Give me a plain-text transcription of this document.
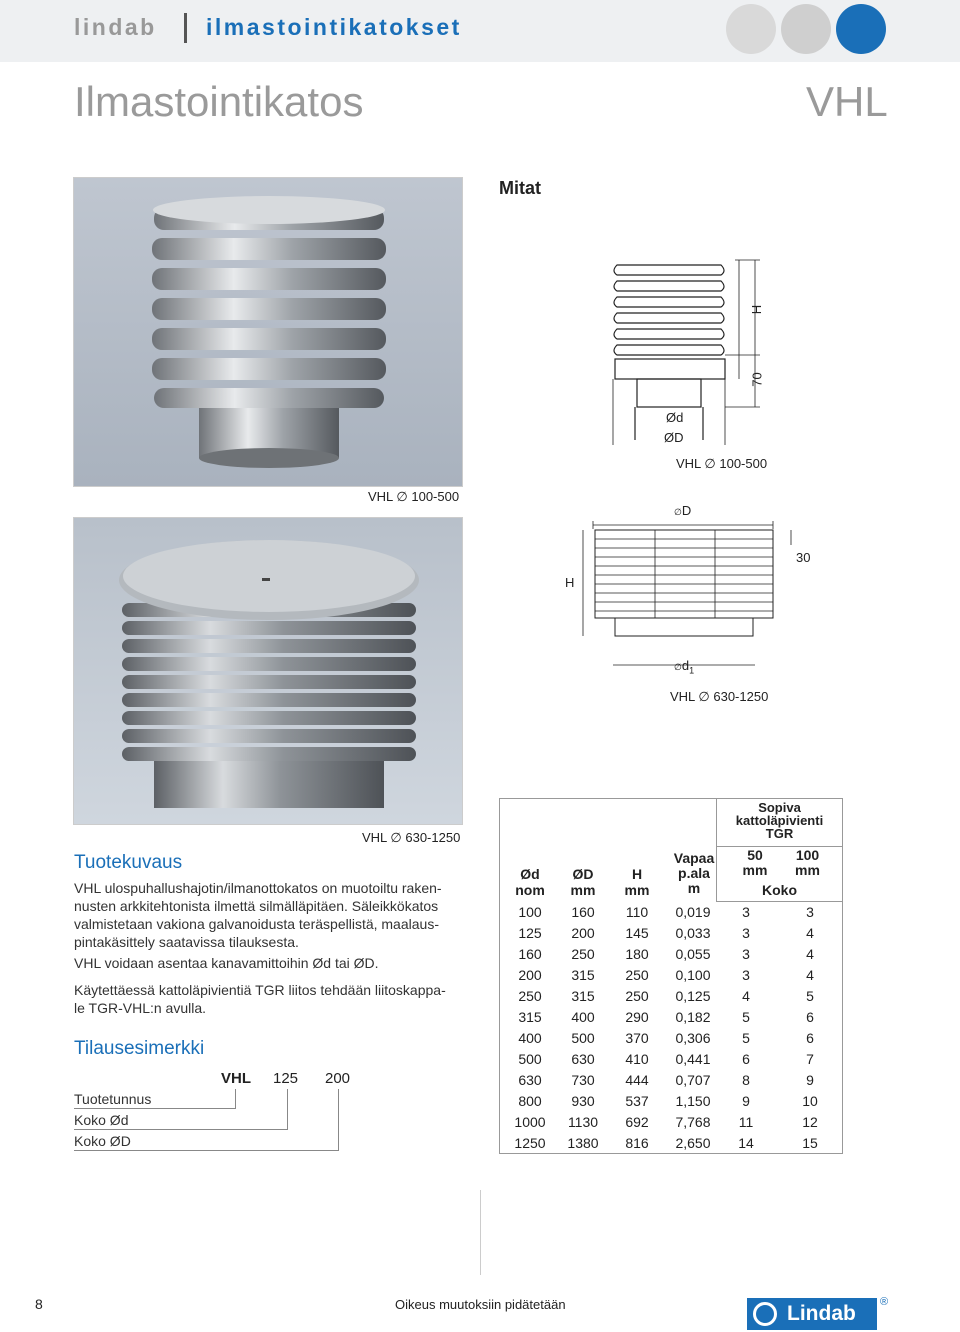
lindab ilmastointikatokset
Ilmastointikatos	VHL
VHL ∅ 100-500
VHL ∅ 630-1250
Mitat
H
70
Ød
ØD
VHL ∅ 100-500
∅D
H
30
$\emptyset d_1$
VHL ∅ 630-1250
Tuotekuvaus
VHL ulospuhallushajotin/ilmanottokatos on muotoiltu raken-
nusten arkkitehtonista ilmettä silmälläpitäen. Säleikkökatos
valmistetaan vakiona galvanoidusta teräspellistä, maalaus-
pintakäsittely saatavissa tilauksesta.
VHL voidaan asentaa kanavamittoihin Ød tai ØD.
Käytettäessä kattoläpivientiä TGR liitos tehdään liitoskappa-
le TGR-VHL:n avulla.
Tilausesimerkki
VHL 125 200
Tuotetunnus
Koko Ød
Koko ØD
Sopiva
kattoläpivienti
TGR
50
mm
100
mm
Koko
Ød
nom
ØD
mm
H
mm
Vapaa
p.ala
m
100	160	110	0,019	3	3
125	200	145	0,033	3	4
160	250	180	0,055	3	4
200	315	250	0,100	3	4
250	315	250	0,125	4	5
315	400	290	0,182	5	6
400	500	370	0,306	5	6
500	630	410	0,441	6	7
630	730	444	0,707	8	9
800	930	537	1,150	9	10
1000	1130	692	7,768	11	12
1250	1380	816	2,650	14	15
8	Oikeus muutoksiin pidätetään	Lindab ®
